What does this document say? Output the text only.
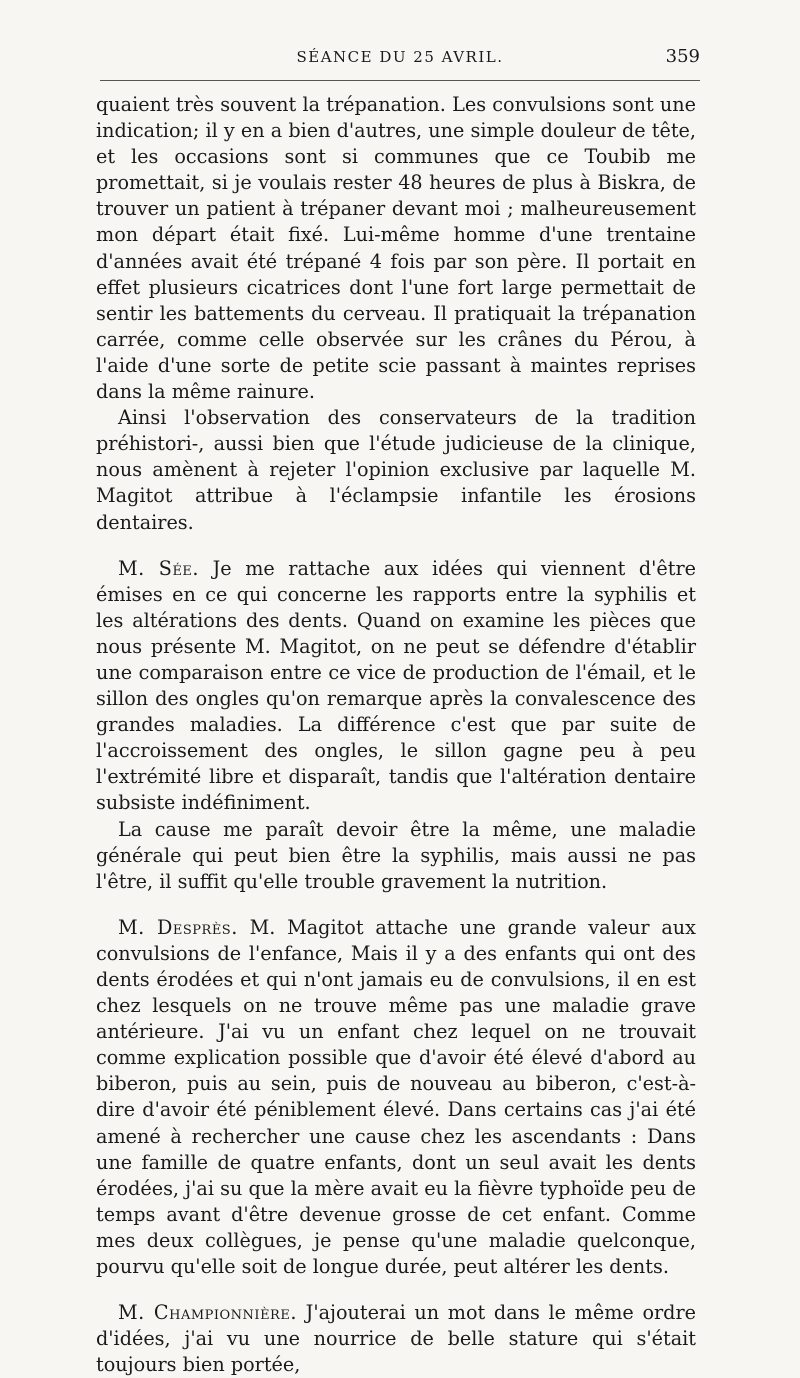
SÉANCE DU 25 AVRIL.	359

quaient très souvent la trépanation. Les convulsions sont une indication; il y en a bien d'autres, une simple douleur de tête, et les occasions sont si communes que ce Toubib me promettait, si je voulais rester 48 heures de plus à Biskra, de trouver un patient à trépaner devant moi ; malheureusement mon départ était fixé. Lui-même homme d'une trentaine d'années avait été trépané 4 fois par son père. Il portait en effet plusieurs cicatrices dont l'une fort large permettait de sentir les battements du cerveau. Il pratiquait la trépanation carrée, comme celle observée sur les crânes du Pérou, à l'aide d'une sorte de petite scie passant à maintes reprises dans la même rainure.

Ainsi l'observation des conservateurs de la tradition préhistori-, aussi bien que l'étude judicieuse de la clinique, nous amènent à rejeter l'opinion exclusive par laquelle M. Magitot attribue à l'éclampsie infantile les érosions dentaires.

M. Sée. Je me rattache aux idées qui viennent d'être émises en ce qui concerne les rapports entre la syphilis et les altérations des dents. Quand on examine les pièces que nous présente M. Magitot, on ne peut se défendre d'établir une comparaison entre ce vice de production de l'émail, et le sillon des ongles qu'on remarque après la convalescence des grandes maladies. La différence c'est que par suite de l'accroissement des ongles, le sillon gagne peu à peu l'extrémité libre et disparaît, tandis que l'altération dentaire subsiste indéfiniment.

La cause me paraît devoir être la même, une maladie générale qui peut bien être la syphilis, mais aussi ne pas l'être, il suffit qu'elle trouble gravement la nutrition.

M. Desprès. M. Magitot attache une grande valeur aux convulsions de l'enfance, Mais il y a des enfants qui ont des dents érodées et qui n'ont jamais eu de convulsions, il en est chez lesquels on ne trouve même pas une maladie grave antérieure. J'ai vu un enfant chez lequel on ne trouvait comme explication possible que d'avoir été élevé d'abord au biberon, puis au sein, puis de nouveau au biberon, c'est-à-dire d'avoir été péniblement élevé. Dans certains cas j'ai été amené à rechercher une cause chez les ascendants : Dans une famille de quatre enfants, dont un seul avait les dents érodées, j'ai su que la mère avait eu la fièvre typhoïde peu de temps avant d'être devenue grosse de cet enfant. Comme mes deux collègues, je pense qu'une maladie quelconque, pourvu qu'elle soit de longue durée, peut altérer les dents.

M. Championnière. J'ajouterai un mot dans le même ordre d'idées, j'ai vu une nourrice de belle stature qui s'était toujours bien portée,
